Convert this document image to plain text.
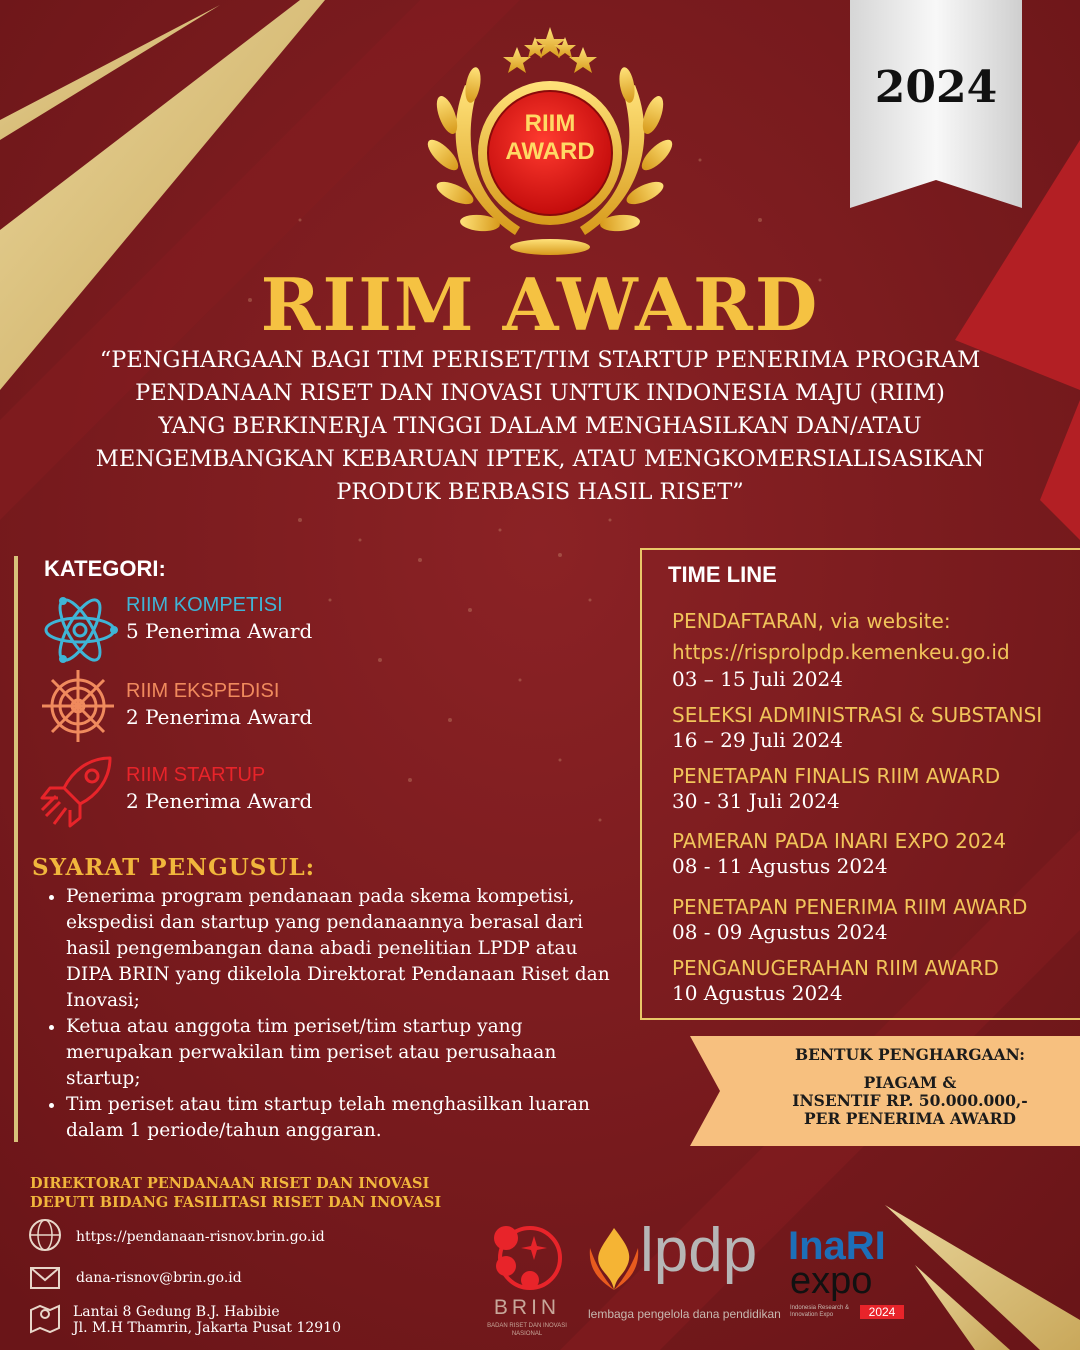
2024
RIIM
AWARD
RIIM AWARD
“PENGHARGAAN BAGI TIM PERISET/TIM STARTUP PENERIMA PROGRAM
PENDANAAN RISET DAN INOVASI UNTUK INDONESIA MAJU (RIIM)
YANG BERKINERJA TINGGI DALAM MENGHASILKAN DAN/ATAU
MENGEMBANGKAN KEBARUAN IPTEK, ATAU MENGKOMERSIALISASIKAN
PRODUK BERBASIS HASIL RISET”
KATEGORI:
RIIM KOMPETISI
5 Penerima Award
RIIM EKSPEDISI
2 Penerima Award
RIIM STARTUP
2 Penerima Award
SYARAT PENGUSUL:
• Penerima program pendanaan pada skema kompetisi, ekspedisi dan startup yang pendanaannya berasal dari hasil pengembangan dana abadi penelitian LPDP atau DIPA BRIN yang dikelola Direktorat Pendanaan Riset dan Inovasi;
• Ketua atau anggota tim periset/tim startup yang merupakan perwakilan tim periset atau perusahaan startup;
• Tim periset atau tim startup telah menghasilkan luaran dalam 1 periode/tahun anggaran.
TIME LINE
PENDAFTARAN, via website:
https://risprolpdp.kemenkeu.go.id
03 – 15 Juli 2024
SELEKSI ADMINISTRASI & SUBSTANSI
16 – 29 Juli 2024
PENETAPAN FINALIS RIIM AWARD
30 - 31 Juli 2024
PAMERAN PADA INARI EXPO 2024
08 - 11 Agustus 2024
PENETAPAN PENERIMA RIIM AWARD
08 - 09 Agustus 2024
PENGANUGERAHAN RIIM AWARD
10 Agustus 2024
BENTUK PENGHARGAAN:
PIAGAM &
INSENTIF RP. 50.000.000,-
PER PENERIMA AWARD
DIREKTORAT PENDANAAN RISET DAN INOVASI
DEPUTI BIDANG FASILITASI RISET DAN INOVASI
https://pendanaan-risnov.brin.go.id
dana-risnov@brin.go.id
Lantai 8 Gedung B.J. Habibie
Jl. M.H Thamrin, Jakarta Pusat 12910
BRIN
BADAN RISET DAN INOVASI NASIONAL
lpdp
lembaga pengelola dana pendidikan
InaRI
expo
Indonesia Research & Innovation Expo	2024
